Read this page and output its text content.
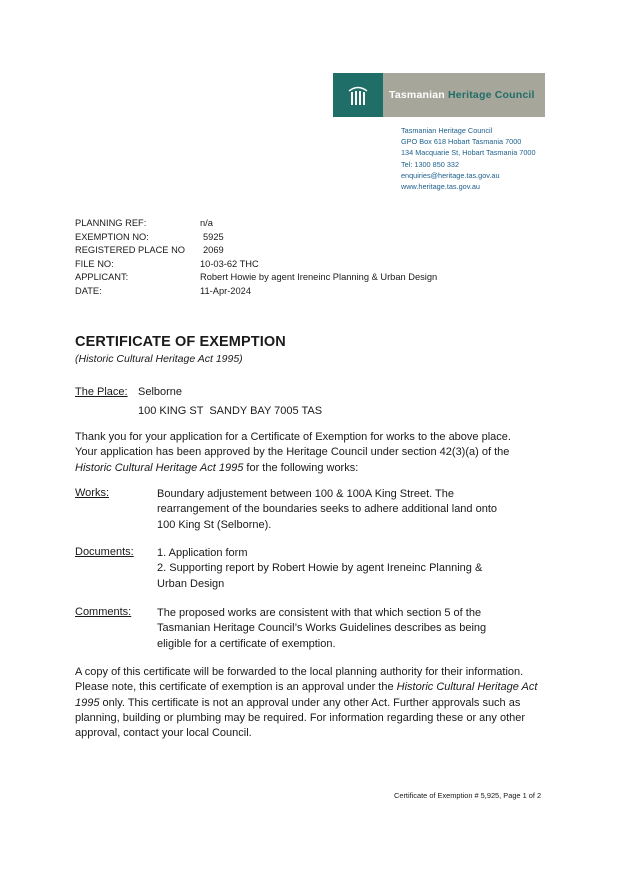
Tasmanian Heritage Council
Tasmanian Heritage Council
GPO Box 618 Hobart Tasmania 7000
134 Macquarie St, Hobart Tasmania 7000
Tel: 1300 850 332
enquiries@heritage.tas.gov.au
www.heritage.tas.gov.au
PLANNING REF:	n/a
EXEMPTION NO:	5925
REGISTERED PLACE NO 2069
FILE NO:	10-03-62 THC
APPLICANT:	Robert Howie by agent Ireneinc Planning & Urban Design
DATE:	11-Apr-2024
CERTIFICATE OF EXEMPTION
(Historic Cultural Heritage Act 1995)
The Place: Selborne
100 KING ST  SANDY BAY 7005 TAS
Thank you for your application for a Certificate of Exemption for works to the above place. Your application has been approved by the Heritage Council under section 42(3)(a) of the Historic Cultural Heritage Act 1995 for the following works:
Works:	Boundary adjustement between 100 & 100A King Street. The rearrangement of the boundaries seeks to adhere additional land onto 100 King St (Selborne).
Documents: 1. Application form
2. Supporting report by Robert Howie by agent Ireneinc Planning & Urban Design
Comments: The proposed works are consistent with that which section 5 of the Tasmanian Heritage Council’s Works Guidelines describes as being eligible for a certificate of exemption.
A copy of this certificate will be forwarded to the local planning authority for their information. Please note, this certificate of exemption is an approval under the Historic Cultural Heritage Act 1995 only. This certificate is not an approval under any other Act. Further approvals such as planning, building or plumbing may be required. For information regarding these or any other approval, contact your local Council.
Certificate of Exemption # 5,925, Page 1 of 2
